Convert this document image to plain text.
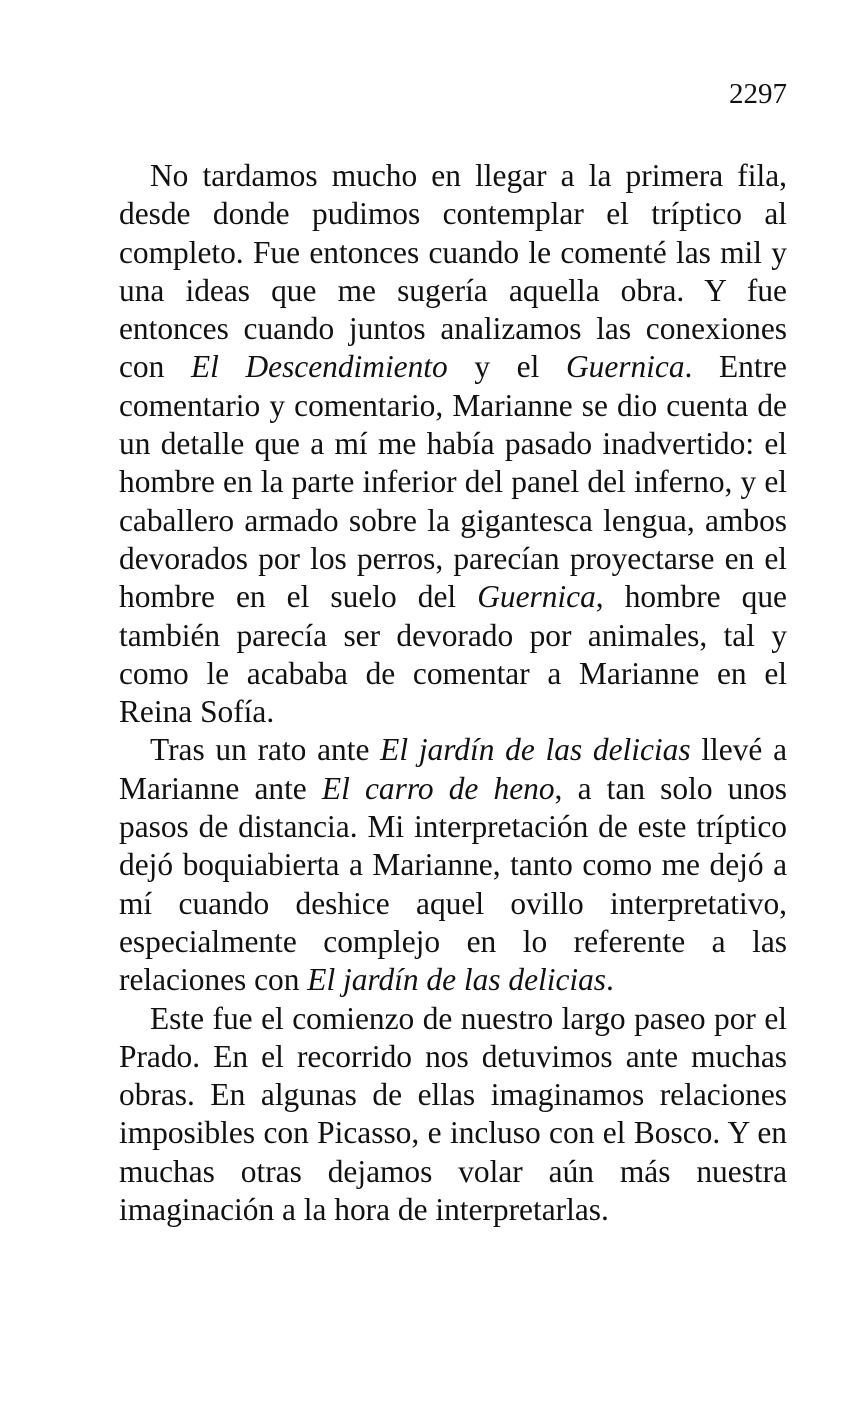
2297

No tardamos mucho en llegar a la primera fila, desde donde pudimos contemplar el tríptico al completo. Fue entonces cuando le comenté las mil y una ideas que me sugería aquella obra. Y fue entonces cuando juntos analizamos las conexiones con El Descendimiento y el Guernica. Entre comentario y comentario, Marianne se dio cuenta de un detalle que a mí me había pasado inadvertido: el hombre en la parte inferior del panel del inferno, y el caballero armado sobre la gigantesca lengua, ambos devorados por los perros, parecían proyectarse en el hombre en el suelo del Guernica, hombre que también parecía ser devorado por animales, tal y como le acababa de comentar a Marianne en el Reina Sofía.

Tras un rato ante El jardín de las delicias llevé a Marianne ante El carro de heno, a tan solo unos pasos de distancia. Mi interpretación de este tríptico dejó boquiabierta a Marianne, tanto como me dejó a mí cuando deshice aquel ovillo interpretativo, especialmente complejo en lo referente a las relaciones con El jardín de las delicias.

Este fue el comienzo de nuestro largo paseo por el Prado. En el recorrido nos detuvimos ante muchas obras. En algunas de ellas imaginamos relaciones imposibles con Picasso, e incluso con el Bosco. Y en muchas otras dejamos volar aún más nuestra imaginación a la hora de interpretarlas.
